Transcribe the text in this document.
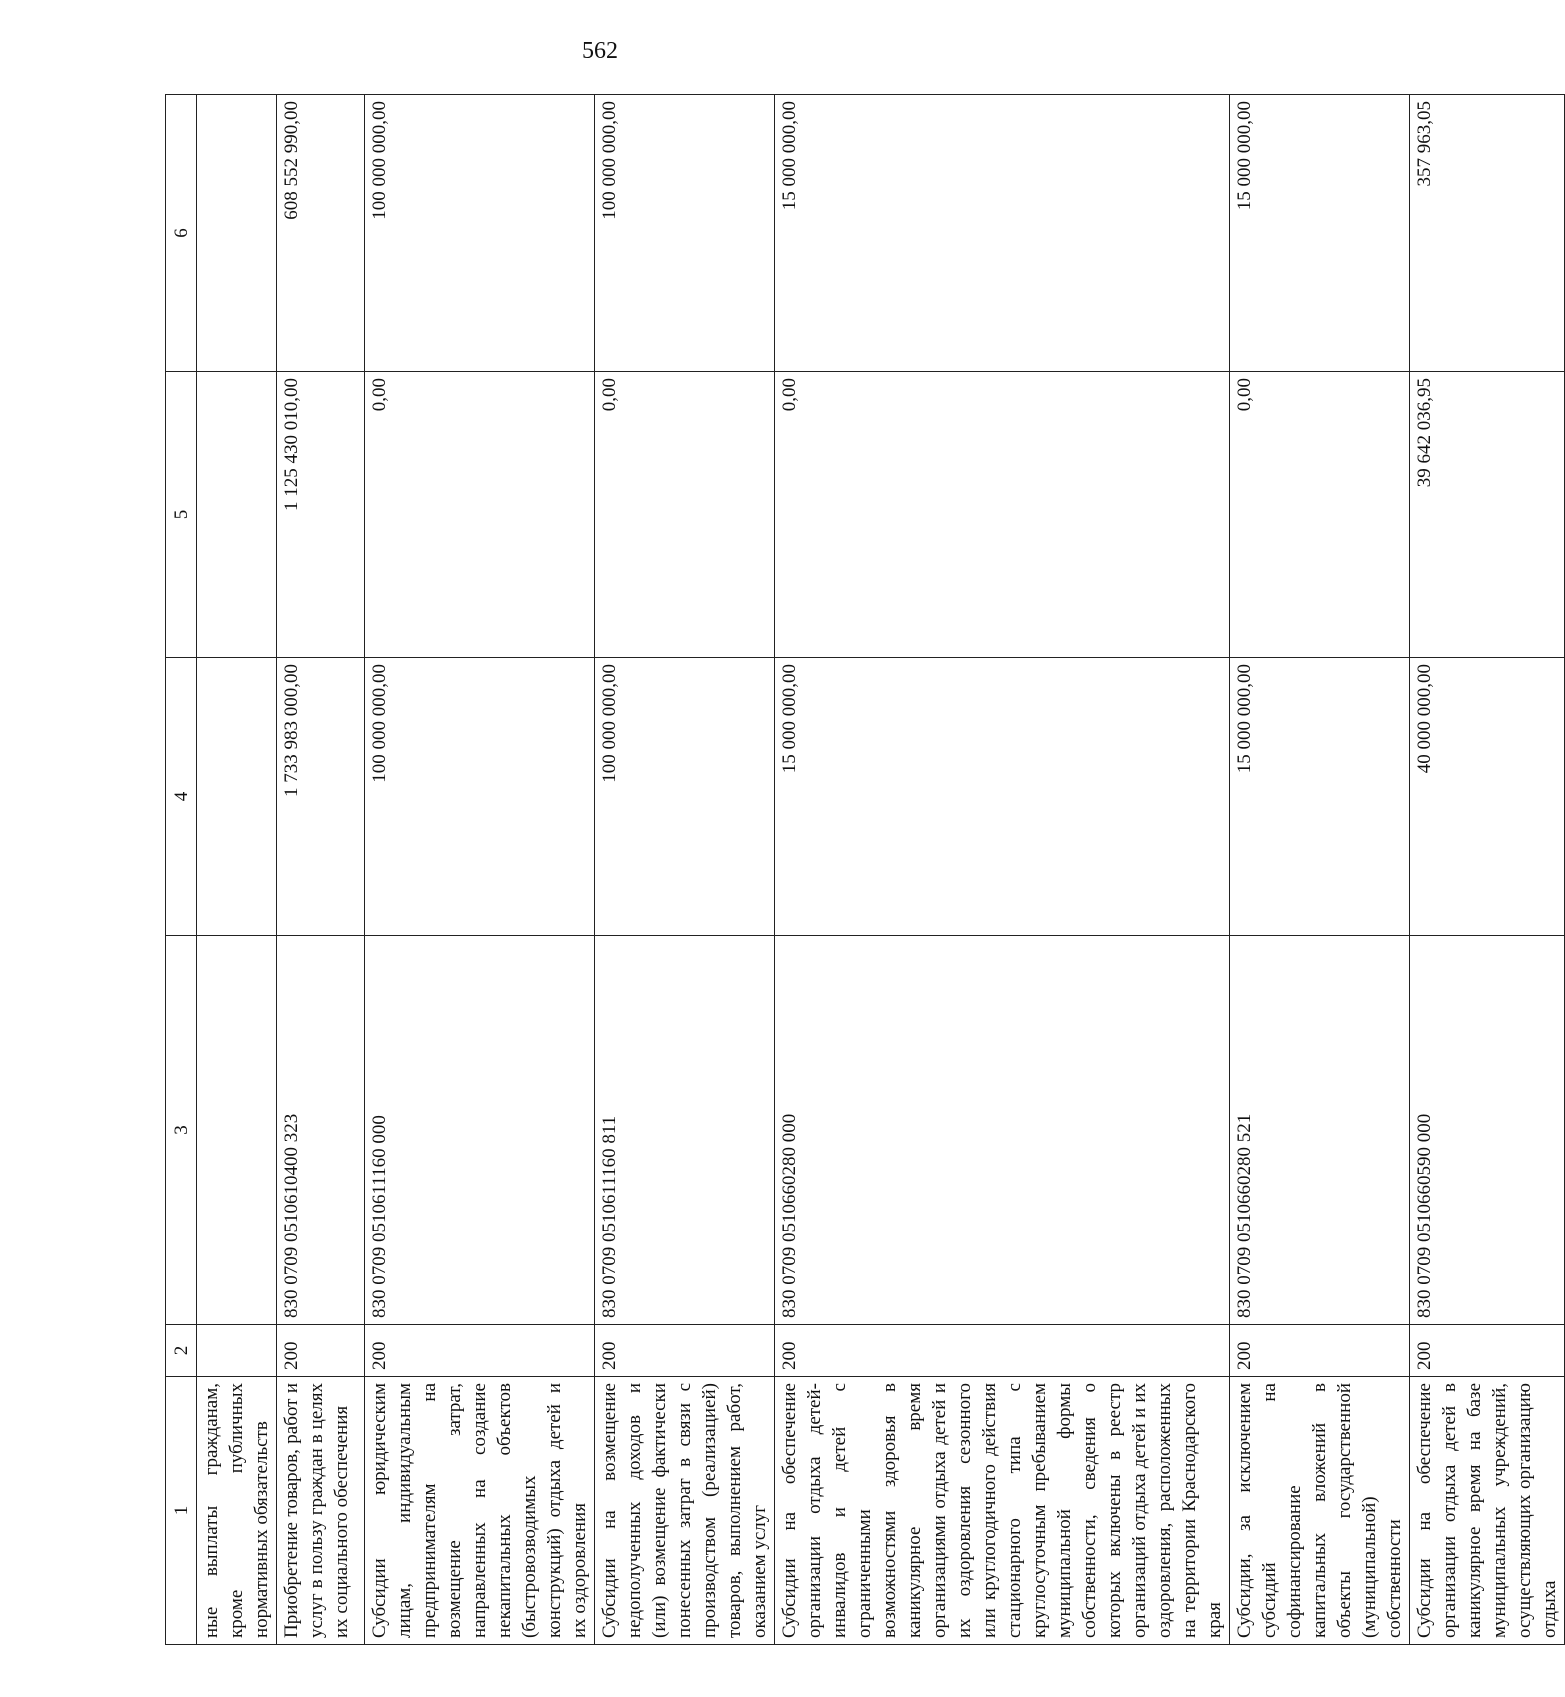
562
1	2	3	4	5	6
ные выплаты гражданам, кроме публичных нормативных обязательств					
Приобретение товаров, работ и услуг в пользу граждан в целях их социального обеспечения	200	830 0709 0510610400 323	1 733 983 000,00	1 125 430 010,00	608 552 990,00
Субсидии юридическим лицам, индивидуальным предпринимателям на возмещение затрат, направленных на создание некапитальных объектов (быстровозводимых конструкций) отдыха детей и их оздоровления	200	830 0709 0510611160 000	100 000 000,00	0,00	100 000 000,00
Субсидии на возмещение недополученных доходов и (или) возмещение фактически понесенных затрат в связи с производством (реализацией) товаров, выполнением работ, оказанием услуг	200	830 0709 0510611160 811	100 000 000,00	0,00	100 000 000,00
Субсидии на обеспечение организации отдыха детей-инвалидов и детей с ограниченными возможностями здоровья в каникулярное время организациями отдыха детей и их оздоровления сезонного или круглогодичного действия стационарного типа с круглосуточным пребыванием муниципальной формы собственности, сведения о которых включены в реестр организаций отдыха детей и их оздоровления, расположенных на территории Краснодарского края	200	830 0709 0510660280 000	15 000 000,00	0,00	15 000 000,00
Субсидии, за исключением субсидий на софинансирование капитальных вложений в объекты государственной (муниципальной) собственности	200	830 0709 0510660280 521	15 000 000,00	0,00	15 000 000,00
Субсидии на обеспечение организации отдыха детей в каникулярное время на базе муниципальных учреждений, осуществляющих организацию отдыха	200	830 0709 0510660590 000	40 000 000,00	39 642 036,95	357 963,05
